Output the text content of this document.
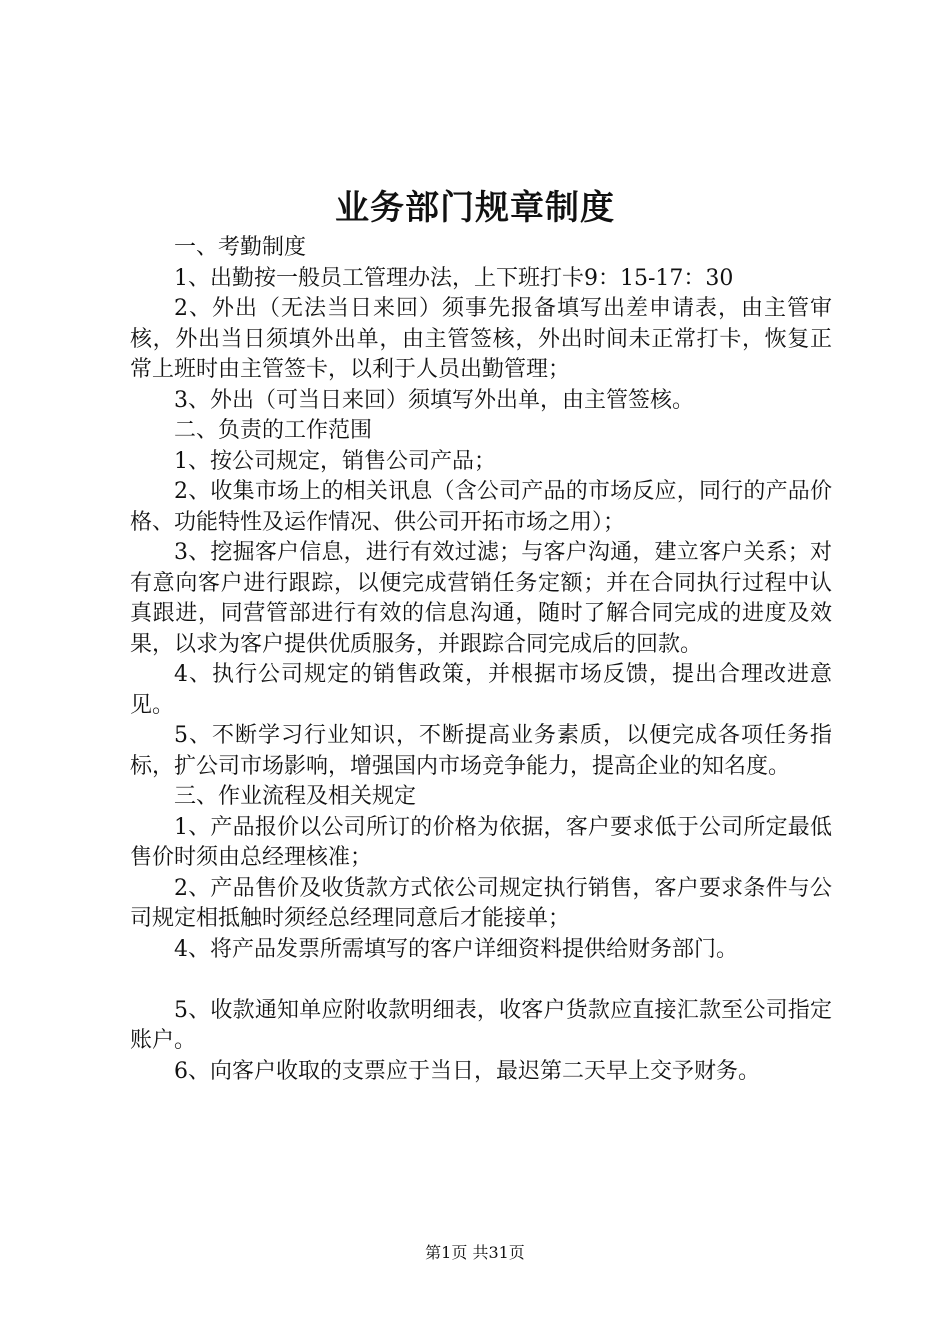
业务部门规章制度

一、考勤制度

1、出勤按一般员工管理办法，上下班打卡9：15-17：30

2、外出（无法当日来回）须事先报备填写出差申请表，由主管审核，外出当日须填外出单，由主管签核，外出时间未正常打卡，恢复正常上班时由主管签卡，以利于人员出勤管理；

3、外出（可当日来回）须填写外出单，由主管签核。

二、负责的工作范围

1、按公司规定，销售公司产品；

2、收集市场上的相关讯息（含公司产品的市场反应，同行的产品价格、功能特性及运作情况、供公司开拓市场之用）；

3、挖掘客户信息，进行有效过滤；与客户沟通，建立客户关系；对有意向客户进行跟踪，以便完成营销任务定额；并在合同执行过程中认真跟进，同营管部进行有效的信息沟通，随时了解合同完成的进度及效果，以求为客户提供优质服务，并跟踪合同完成后的回款。

4、执行公司规定的销售政策，并根据市场反馈，提出合理改进意见。

5、不断学习行业知识，不断提高业务素质，以便完成各项任务指标，扩公司市场影响，增强国内市场竞争能力，提高企业的知名度。

三、作业流程及相关规定

1、产品报价以公司所订的价格为依据，客户要求低于公司所定最低售价时须由总经理核准；

2、产品售价及收货款方式依公司规定执行销售，客户要求条件与公司规定相抵触时须经总经理同意后才能接单；

4、将产品发票所需填写的客户详细资料提供给财务部门。

5、收款通知单应附收款明细表，收客户货款应直接汇款至公司指定账户。

6、向客户收取的支票应于当日，最迟第二天早上交予财务。

第1页 共31页
